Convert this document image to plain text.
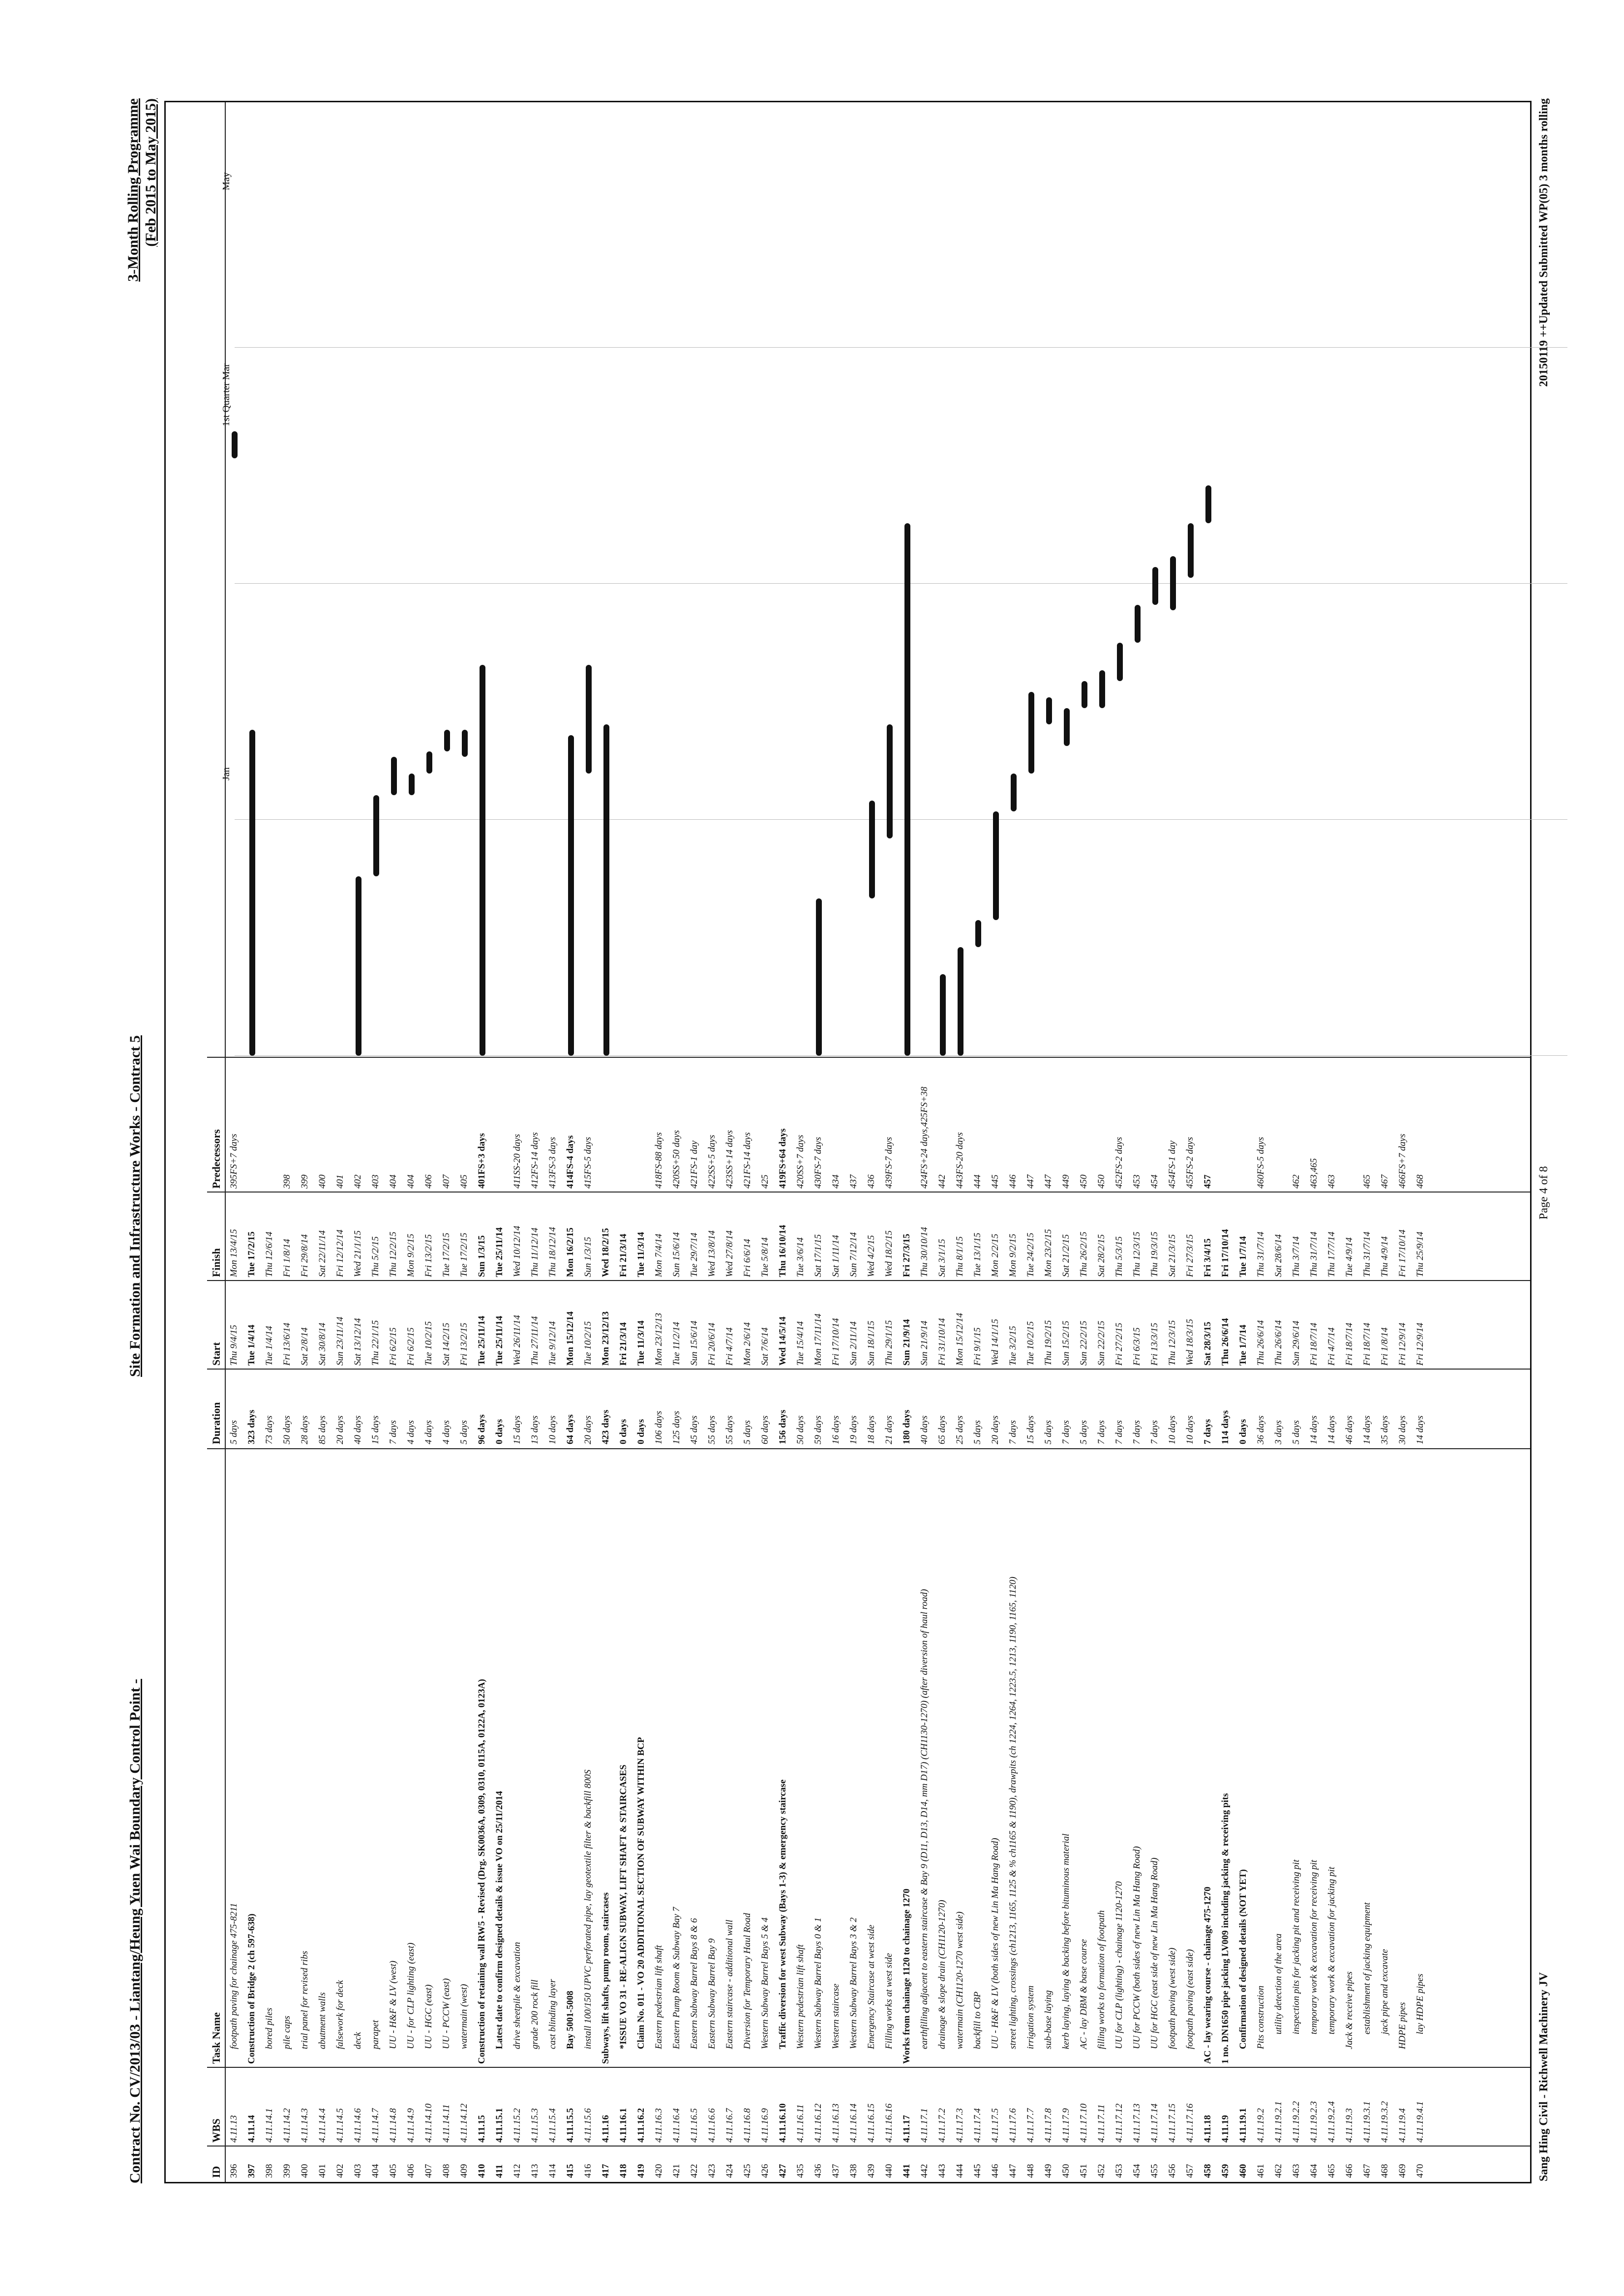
Contract No. CV/2013/03 - Liantang/Heung Yuen Wai Boundary Control Point -
Site Formation and Infrastructure Works - Contract 5
3-Month Rolling Programme (Feb 2015 to May 2015)
ID
WBS
Task Name
Duration
Start
Finish
Predecessors
396
4.11.13
footpath paving for chainage 475-8211
5 days
Thu 9/4/15
Mon 13/4/15
395FS+7 days
397
4.11.14
Construction of Bridge 2 (ch 597-638)
323 days
Tue 1/4/14
Tue 17/2/15
398
4.11.14.1
bored piles
73 days
Tue 1/4/14
Thu 12/6/14
399
4.11.14.2
pile caps
50 days
Fri 13/6/14
Fri 1/8/14
398
400
4.11.14.3
trial panel for revised ribs
28 days
Sat 2/8/14
Fri 29/8/14
399
401
4.11.14.4
abutment walls
85 days
Sat 30/8/14
Sat 22/11/14
400
402
4.11.14.5
falsework for deck
20 days
Sun 23/11/14
Fri 12/12/14
401
403
4.11.14.6
deck
40 days
Sat 13/12/14
Wed 21/1/15
402
404
4.11.14.7
parapet
15 days
Thu 22/1/15
Thu 5/2/15
403
405
4.11.14.8
UU - H&F & LV (west)
7 days
Fri 6/2/15
Thu 12/2/15
404
406
4.11.14.9
UU - for CLP lighting (east)
4 days
Fri 6/2/15
Mon 9/2/15
404
407
4.11.14.10
UU - HGC (east)
4 days
Tue 10/2/15
Fri 13/2/15
406
408
4.11.14.11
UU - PCCW (east)
4 days
Sat 14/2/15
Tue 17/2/15
407
409
4.11.14.12
watermain (west)
5 days
Fri 13/2/15
Tue 17/2/15
405
410
4.11.15
Construction of retaining wall RW5 - Revised (Drg. SK0036A, 0309, 0310, 0115A, 0122A, 0123A)
96 days
Tue 25/11/14
Sun 1/3/15
401FS+3 days
411
4.11.15.1
Latest date to confirm designed details & issue VO on 25/11/2014
0 days
Tue 25/11/14
Tue 25/11/14
412
4.11.15.2
drive sheetpile & excavation
15 days
Wed 26/11/14
Wed 10/12/14
411SS-20 days
413
4.11.15.3
grade 200 rock fill
13 days
Thu 27/11/14
Thu 11/12/14
412FS-14 days
414
4.11.15.4
cast blinding layer
10 days
Tue 9/12/14
Thu 18/12/14
413FS-3 days
415
4.11.15.5
Bay 5001-5008
64 days
Mon 15/12/14
Mon 16/2/15
414FS-4 days
416
4.11.15.6
install 100/150 UPVC perforated pipe, lay geotextile filter & backfill 800S
20 days
Tue 10/2/15
Sun 1/3/15
415FS-5 days
417
4.11.16
Subways, lift shafts, pump room, staircases
423 days
Mon 23/12/13
Wed 18/2/15
418
4.11.16.1
*ISSUE VO 31 - RE-ALIGN SUBWAY, LIFT SHAFT & STAIRCASES
0 days
Fri 21/3/14
Fri 21/3/14
419
4.11.16.2
Claim No. 011 - VO 20 ADDITIONAL SECTION OF SUBWAY WITHIN BCP
0 days
Tue 11/3/14
Tue 11/3/14
420
4.11.16.3
Eastern pedestrian lift shaft
106 days
Mon 23/12/13
Mon 7/4/14
418FS-88 days
421
4.11.16.4
Eastern Pump Room & Subway Bay 7
125 days
Tue 11/2/14
Sun 15/6/14
420SS+50 days
422
4.11.16.5
Eastern Subway Barrel Bays 8 & 6
45 days
Sun 15/6/14
Tue 29/7/14
421FS-1 day
423
4.11.16.6
Eastern Subway Barrel Bay 9
55 days
Fri 20/6/14
Wed 13/8/14
422SS+5 days
424
4.11.16.7
Eastern staircase - additional wall
55 days
Fri 4/7/14
Wed 27/8/14
423SS+14 days
425
4.11.16.8
Diversion for Temporary Haul Road
5 days
Mon 2/6/14
Fri 6/6/14
421FS-14 days
426
4.11.16.9
Western Subway Barrel Bays 5 & 4
60 days
Sat 7/6/14
Tue 5/8/14
425
427
4.11.16.10
Traffic diversion for west Subway (Bays 1-3) & emergency staircase
156 days
Wed 14/5/14
Thu 16/10/14
419FS+64 days
435
4.11.16.11
Western pedestrian lift shaft
50 days
Tue 15/4/14
Tue 3/6/14
420SS+7 days
436
4.11.16.12
Western Subway Barrel Bays 0 & 1
59 days
Mon 17/11/14
Sat 17/1/15
430FS-7 days
437
4.11.16.13
Western staircase
16 days
Fri 17/10/14
Sat 1/11/14
434
438
4.11.16.14
Western Subway Barrel Bays 3 & 2
19 days
Sun 2/11/14
Sun 7/12/14
437
439
4.11.16.15
Emergency Staircase at west side
18 days
Sun 18/1/15
Wed 4/2/15
436
440
4.11.16.16
Filling works at west side
21 days
Thu 29/1/15
Wed 18/2/15
439FS-7 days
441
4.11.17
Works from chainage 1120 to chainage 1270
180 days
Sun 21/9/14
Fri 27/3/15
442
4.11.17.1
earthfilling adjacent to eastern staircase & Bay 9 (D11, D13, D14, mm D17) (CH1130-1270) (after diversion of haul road)
40 days
Sun 21/9/14
Thu 30/10/14
424FS+24 days,425FS+38
443
4.11.17.2
drainage & slope drain (CH1120-1270)
65 days
Fri 31/10/14
Sat 3/1/15
442
444
4.11.17.3
watermain (CH1120-1270 west side)
25 days
Mon 15/12/14
Thu 8/1/15
443FS-20 days
445
4.11.17.4
backfill to CBP
5 days
Fri 9/1/15
Tue 13/1/15
444
446
4.11.17.5
UU - H&F & LV (both sides of new Lin Ma Hang Road)
20 days
Wed 14/1/15
Mon 2/2/15
445
447
4.11.17.6
street lighting, crossings (ch1213, 1165, 1125 & % ch1165 & 1190), drawpits (ch 1224, 1264, 1223.5, 1213, 1190, 1165, 1120)
7 days
Tue 3/2/15
Mon 9/2/15
446
448
4.11.17.7
irrigation system
15 days
Tue 10/2/15
Tue 24/2/15
447
449
4.11.17.8
sub-base laying
5 days
Thu 19/2/15
Mon 23/2/15
447
450
4.11.17.9
kerb laying, laying & backing before bituminous material
7 days
Sun 15/2/15
Sat 21/2/15
449
451
4.11.17.10
AC - lay DBM & base course
5 days
Sun 22/2/15
Thu 26/2/15
450
452
4.11.17.11
filling works to formation of footpath
7 days
Sun 22/2/15
Sat 28/2/15
450
453
4.11.17.12
UU for CLP (lighting) - chainage 1120-1270
7 days
Fri 27/2/15
Thu 5/3/15
452FS-2 days
454
4.11.17.13
UU for PCCW (both sides of new Lin Ma Hang Road)
7 days
Fri 6/3/15
Thu 12/3/15
453
455
4.11.17.14
UU for HGC (east side of new Lin Ma Hang Road)
7 days
Fri 13/3/15
Thu 19/3/15
454
456
4.11.17.15
footpath paving (west side)
10 days
Thu 12/3/15
Sat 21/3/15
454FS-1 day
457
4.11.17.16
footpath paving (east side)
10 days
Wed 18/3/15
Fri 27/3/15
455FS-2 days
458
4.11.18
AC - lay wearing course - chainage 475-1270
7 days
Sat 28/3/15
Fri 3/4/15
457
459
4.11.19
1 no. DN1650 pipe jacking LV009 including jacking & receiving pits
114 days
Thu 26/6/14
Fri 17/10/14
460
4.11.19.1
Confirmation of designed details (NOT YET)
0 days
Tue 1/7/14
Tue 1/7/14
461
4.11.19.2
Pits construction
36 days
Thu 26/6/14
Thu 31/7/14
460FS-5 days
462
4.11.19.2.1
utility detection of the area
3 days
Thu 26/6/14
Sat 28/6/14
463
4.11.19.2.2
inspection pits for jacking pit and receiving pit
5 days
Sun 29/6/14
Thu 3/7/14
462
464
4.11.19.2.3
temporary work & excavation for receiving pit
14 days
Fri 18/7/14
Thu 31/7/14
463,465
465
4.11.19.2.4
temporary work & excavation for jacking pit
14 days
Fri 4/7/14
Thu 17/7/14
463
466
4.11.19.3
Jack & receive pipes
46 days
Fri 18/7/14
Tue 4/9/14
467
4.11.19.3.1
establishment of jacking equipment
14 days
Fri 18/7/14
Thu 31/7/14
465
468
4.11.19.3.2
jack pipe and excavate
35 days
Fri 1/8/14
Thu 4/9/14
467
469
4.11.19.4
HDPE pipes
30 days
Fri 12/9/14
Fri 17/10/14
466FS+7 days
470
4.11.19.4.1
lay HDPE pipes
14 days
Fri 12/9/14
Thu 25/9/14
468
Jan
1st Quarter Mar
May
Sang Hing Civil - Richwell Machinery JV
Page 4 of 8
20150119 ++Updated Submitted WP(05) 3 months rolling
